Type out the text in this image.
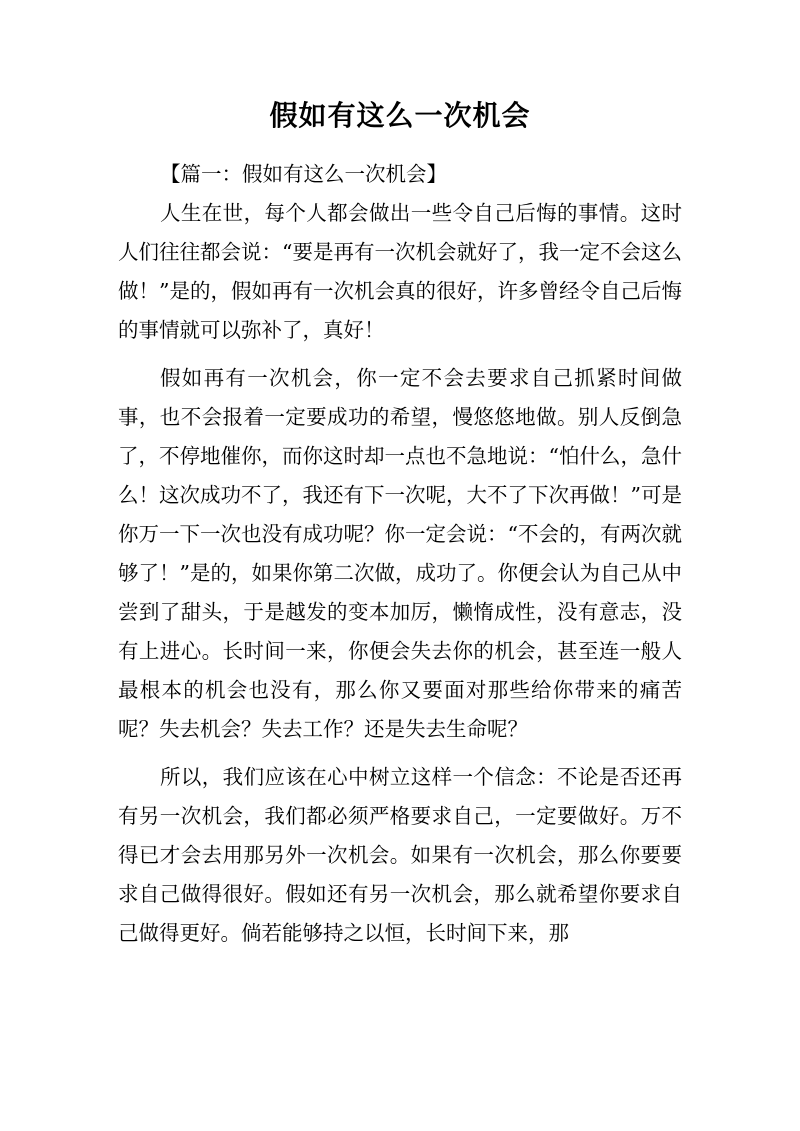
假如有这么一次机会
【篇一：假如有这么一次机会】

人生在世，每个人都会做出一些令自己后悔的事情。这时人们往往都会说：“要是再有一次机会就好了，我一定不会这么做！”是的，假如再有一次机会真的很好，许多曾经令自己后悔的事情就可以弥补了，真好！

假如再有一次机会，你一定不会去要求自己抓紧时间做事，也不会报着一定要成功的希望，慢悠悠地做。别人反倒急了，不停地催你，而你这时却一点也不急地说：“怕什么，急什么！这次成功不了，我还有下一次呢，大不了下次再做！”可是你万一下一次也没有成功呢？你一定会说：“不会的，有两次就够了！”是的，如果你第二次做，成功了。你便会认为自己从中尝到了甜头，于是越发的变本加厉，懒惰成性，没有意志，没有上进心。长时间一来，你便会失去你的机会，甚至连一般人最根本的机会也没有，那么你又要面对那些给你带来的痛苦呢？失去机会？失去工作？还是失去生命呢？

所以，我们应该在心中树立这样一个信念：不论是否还再有另一次机会，我们都必须严格要求自己，一定要做好。万不得已才会去用那另外一次机会。如果有一次机会，那么你要要求自己做得很好。假如还有另一次机会，那么就希望你要求自己做得更好。倘若能够持之以恒，长时间下来，那
